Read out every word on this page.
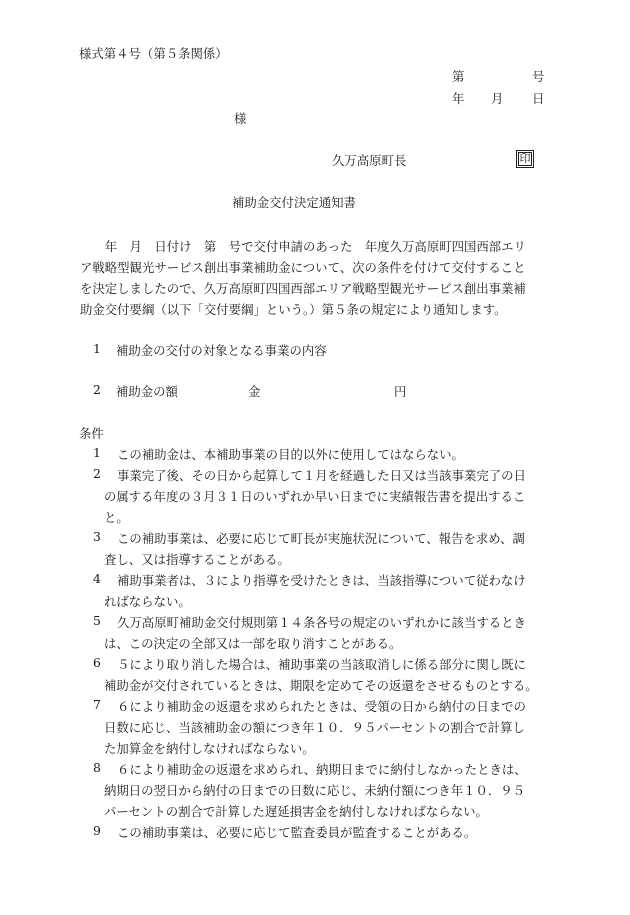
様式第４号（第５条関係）
第	号
年 月 日
様
久万高原町長	印
補助金交付決定通知書
　　年　月　日付け　第　号で交付申請のあった　年度久万高原町四国西部エリ
ア戦略型観光サービス創出事業補助金について、次の条件を付けて交付すること
を決定しましたので、久万高原町四国西部エリア戦略型観光サービス創出事業補
助金交付要綱（以下「交付要綱」という。）第５条の規定により通知します。
1 補助金の交付の対象となる事業の内容
2 補助金の額	金	円
条件
1 この補助金は、本補助事業の目的以外に使用してはならない。
2 事業完了後、その日から起算して１月を経過した日又は当該事業完了の日
の属する年度の３月３１日のいずれか早い日までに実績報告書を提出するこ
と。
3 この補助事業は、必要に応じて町長が実施状況について、報告を求め、調
査し、又は指導することがある。
4 補助事業者は、３により指導を受けたときは、当該指導について従わなけ
ればならない。
5 久万高原町補助金交付規則第１４条各号の規定のいずれかに該当するとき
は、この決定の全部又は一部を取り消すことがある。
6 ５により取り消した場合は、補助事業の当該取消しに係る部分に関し既に
補助金が交付されているときは、期限を定めてその返還をさせるものとする。
7 ６により補助金の返還を求められたときは、受領の日から納付の日までの
日数に応じ、当該補助金の額につき年１０．９５パーセントの割合で計算し
た加算金を納付しなければならない。
8 ６により補助金の返還を求められ、納期日までに納付しなかったときは、
納期日の翌日から納付の日までの日数に応じ、未納付額につき年１０．９５
パーセントの割合で計算した遅延損害金を納付しなければならない。
9 この補助事業は、必要に応じて監査委員が監査することがある。
